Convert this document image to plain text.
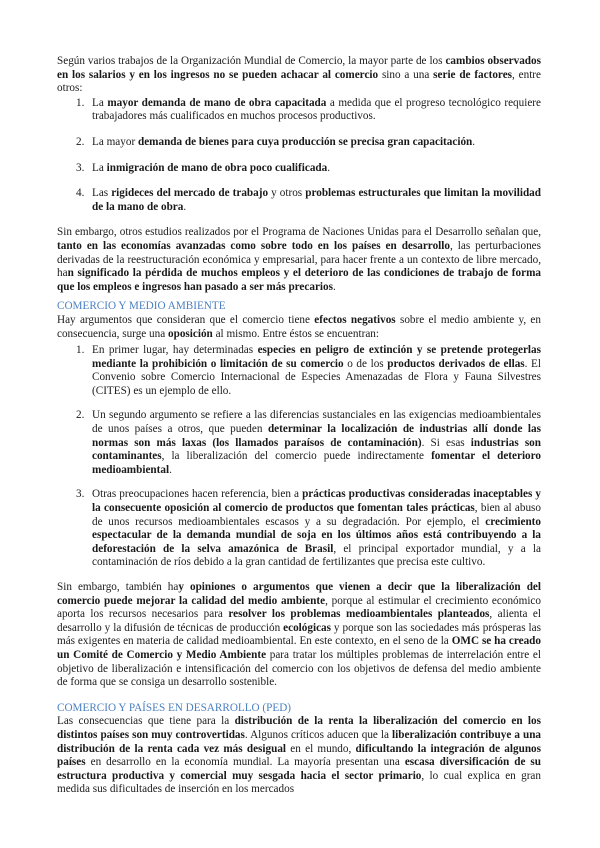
Según varios trabajos de la Organización Mundial de Comercio, la mayor parte de los cambios observados en los salarios y en los ingresos no se pueden achacar al comercio sino a una serie de factores, entre otros:

1. La mayor demanda de mano de obra capacitada a medida que el progreso tecnológico requiere trabajadores más cualificados en muchos procesos productivos.
2. La mayor demanda de bienes para cuya producción se precisa gran capacitación.
3. La inmigración de mano de obra poco cualificada.
4. Las rigideces del mercado de trabajo y otros problemas estructurales que limitan la movilidad de la mano de obra.

Sin embargo, otros estudios realizados por el Programa de Naciones Unidas para el Desarrollo señalan que, tanto en las economías avanzadas como sobre todo en los países en desarrollo, las perturbaciones derivadas de la reestructuración económica y empresarial, para hacer frente a un contexto de libre mercado, han significado la pérdida de muchos empleos y el deterioro de las condiciones de trabajo de forma que los empleos e ingresos han pasado a ser más precarios.

COMERCIO Y MEDIO AMBIENTE

Hay argumentos que consideran que el comercio tiene efectos negativos sobre el medio ambiente y, en consecuencia, surge una oposición al mismo. Entre éstos se encuentran:

1. En primer lugar, hay determinadas especies en peligro de extinción y se pretende protegerlas mediante la prohibición o limitación de su comercio o de los productos derivados de ellas. El Convenio sobre Comercio Internacional de Especies Amenazadas de Flora y Fauna Silvestres (CITES) es un ejemplo de ello.
2. Un segundo argumento se refiere a las diferencias sustanciales en las exigencias medioambientales de unos países a otros, que pueden determinar la localización de industrias allí donde las normas son más laxas (los llamados paraísos de contaminación). Si esas industrias son contaminantes, la liberalización del comercio puede indirectamente fomentar el deterioro medioambiental.
3. Otras preocupaciones hacen referencia, bien a prácticas productivas consideradas inaceptables y la consecuente oposición al comercio de productos que fomentan tales prácticas, bien al abuso de unos recursos medioambientales escasos y a su degradación. Por ejemplo, el crecimiento espectacular de la demanda mundial de soja en los últimos años está contribuyendo a la deforestación de la selva amazónica de Brasil, el principal exportador mundial, y a la contaminación de ríos debido a la gran cantidad de fertilizantes que precisa este cultivo.

Sin embargo, también hay opiniones o argumentos que vienen a decir que la liberalización del comercio puede mejorar la calidad del medio ambiente, porque al estimular el crecimiento económico aporta los recursos necesarios para resolver los problemas medioambientales planteados, alienta el desarrollo y la difusión de técnicas de producción ecológicas y porque son las sociedades más prósperas las más exigentes en materia de calidad medioambiental. En este contexto, en el seno de la OMC se ha creado un Comité de Comercio y Medio Ambiente para tratar los múltiples problemas de interrelación entre el objetivo de liberalización e intensificación del comercio con los objetivos de defensa del medio ambiente de forma que se consiga un desarrollo sostenible.

COMERCIO Y PAÍSES EN DESARROLLO (PED)

Las consecuencias que tiene para la distribución de la renta la liberalización del comercio en los distintos países son muy controvertidas. Algunos críticos aducen que la liberalización contribuye a una distribución de la renta cada vez más desigual en el mundo, dificultando la integración de algunos países en desarrollo en la economía mundial. La mayoría presentan una escasa diversificación de su estructura productiva y comercial muy sesgada hacia el sector primario, lo cual explica en gran medida sus dificultades de inserción en los mercados
